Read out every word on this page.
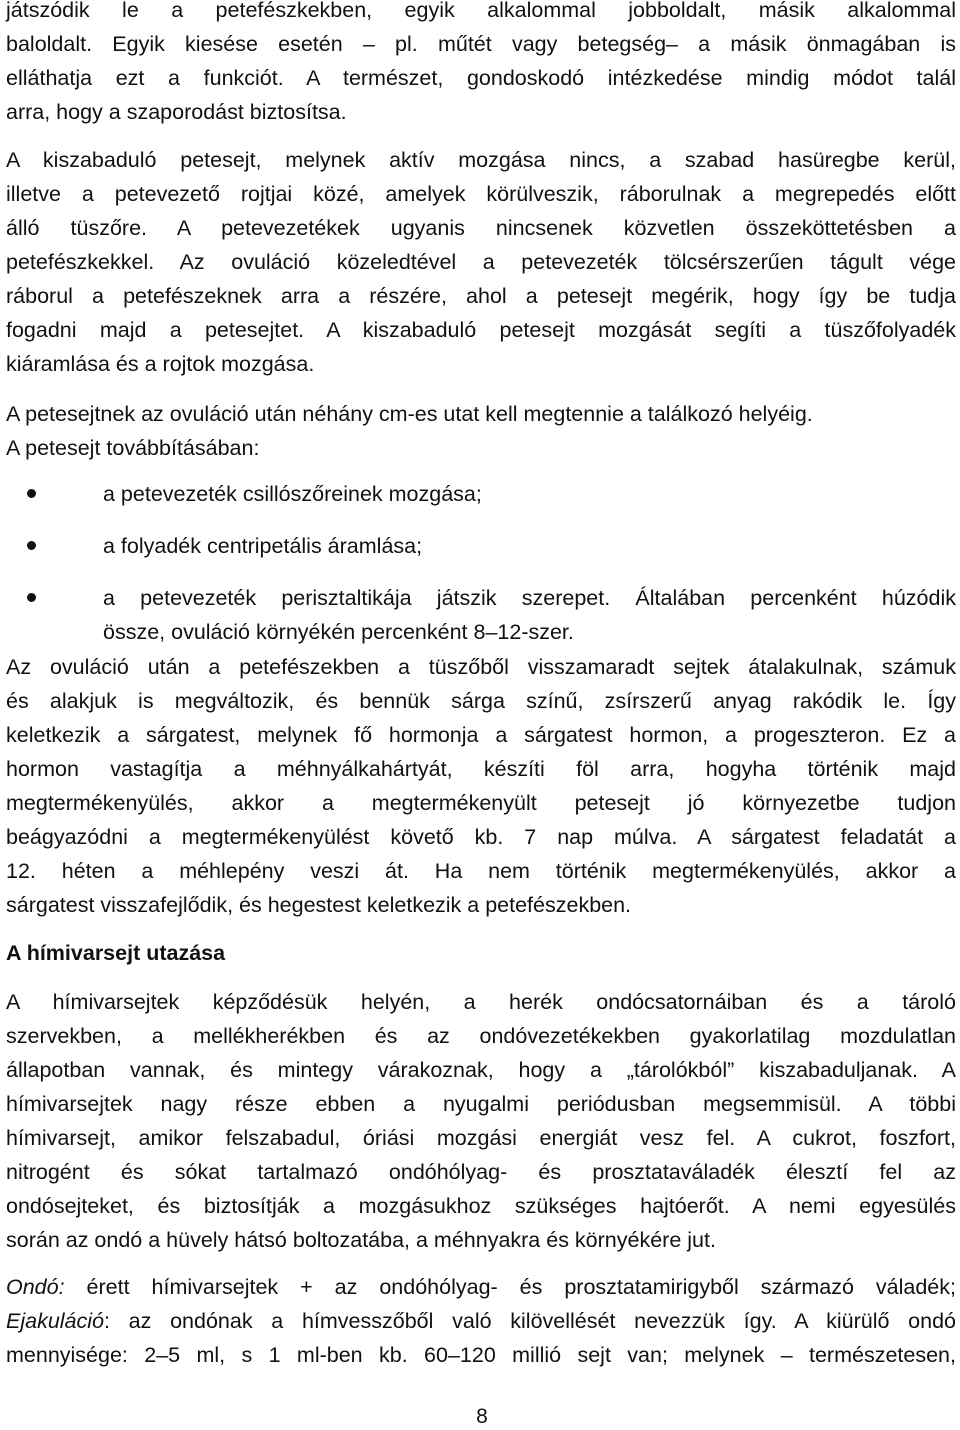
játszódik le a petefészkekben, egyik alkalommal jobboldalt, másik alkalommal
baloldalt. Egyik kiesése esetén – pl. műtét vagy betegség– a másik önmagában is
elláthatja ezt a funkciót. A természet, gondoskodó intézkedése mindig módot talál
arra, hogy a szaporodást biztosítsa.
A kiszabaduló petesejt, melynek aktív mozgása nincs, a szabad hasüregbe kerül,
illetve a petevezető rojtjai közé, amelyek körülveszik, ráborulnak a megrepedés előtt
álló tüszőre. A petevezetékek ugyanis nincsenek közvetlen összeköttetésben a
petefészkekkel. Az ovuláció közeledtével a petevezeték tölcsérszerűen tágult vége
ráborul a petefészeknek arra a részére, ahol a petesejt megérik, hogy így be tudja
fogadni majd a petesejtet. A kiszabaduló petesejt mozgását segíti a tüszőfolyadék
kiáramlása és a rojtok mozgása.
A petesejtnek az ovuláció után néhány cm-es utat kell megtennie a találkozó helyéig.
A petesejt továbbításában:
a petevezeték csillószőreinek mozgása;
a folyadék centripetális áramlása;
a petevezeték perisztaltikája játszik szerepet. Általában percenként húzódik
össze, ovuláció környékén percenként 8–12-szer.
Az ovuláció után a petefészekben a tüszőből visszamaradt sejtek átalakulnak, számuk
és alakjuk is megváltozik, és bennük sárga színű, zsírszerű anyag rakódik le. Így
keletkezik a sárgatest, melynek fő hormonja a sárgatest hormon, a progeszteron. Ez a
hormon vastagítja a méhnyálkahártyát, készíti föl arra, hogyha történik majd
megtermékenyülés, akkor a megtermékenyült petesejt jó környezetbe tudjon
beágyazódni a megtermékenyülést követő kb. 7 nap múlva. A sárgatest feladatát a
12. héten a méhlepény veszi át. Ha nem történik megtermékenyülés, akkor a
sárgatest visszafejlődik, és hegestest keletkezik a petefészekben.
A hímivarsejt utazása
A hímivarsejtek képződésük helyén, a herék ondócsatornáiban és a tároló
szervekben, a mellékherékben és az ondóvezetékekben gyakorlatilag mozdulatlan
állapotban vannak, és mintegy várakoznak, hogy a „tárolókból” kiszabaduljanak. A
hímivarsejtek nagy része ebben a nyugalmi periódusban megsemmisül. A többi
hímivarsejt, amikor felszabadul, óriási mozgási energiát vesz fel. A cukrot, foszfort,
nitrogént és sókat tartalmazó ondóhólyag- és prosztataváladék élesztí fel az
ondósejteket, és biztosítják a mozgásukhoz szükséges hajtóerőt. A nemi egyesülés
során az ondó a hüvely hátsó boltozatába, a méhnyakra és környékére jut.
Ondó: érett hímivarsejtek + az ondóhólyag- és prosztatamirigyből származó váladék;
Ejakuláció: az ondónak a hímvesszőből való kilövellését nevezzük így. A kiürülő ondó
mennyisége: 2–5 ml, s 1 ml-ben kb. 60–120 millió sejt van; melynek – természetesen,
8
